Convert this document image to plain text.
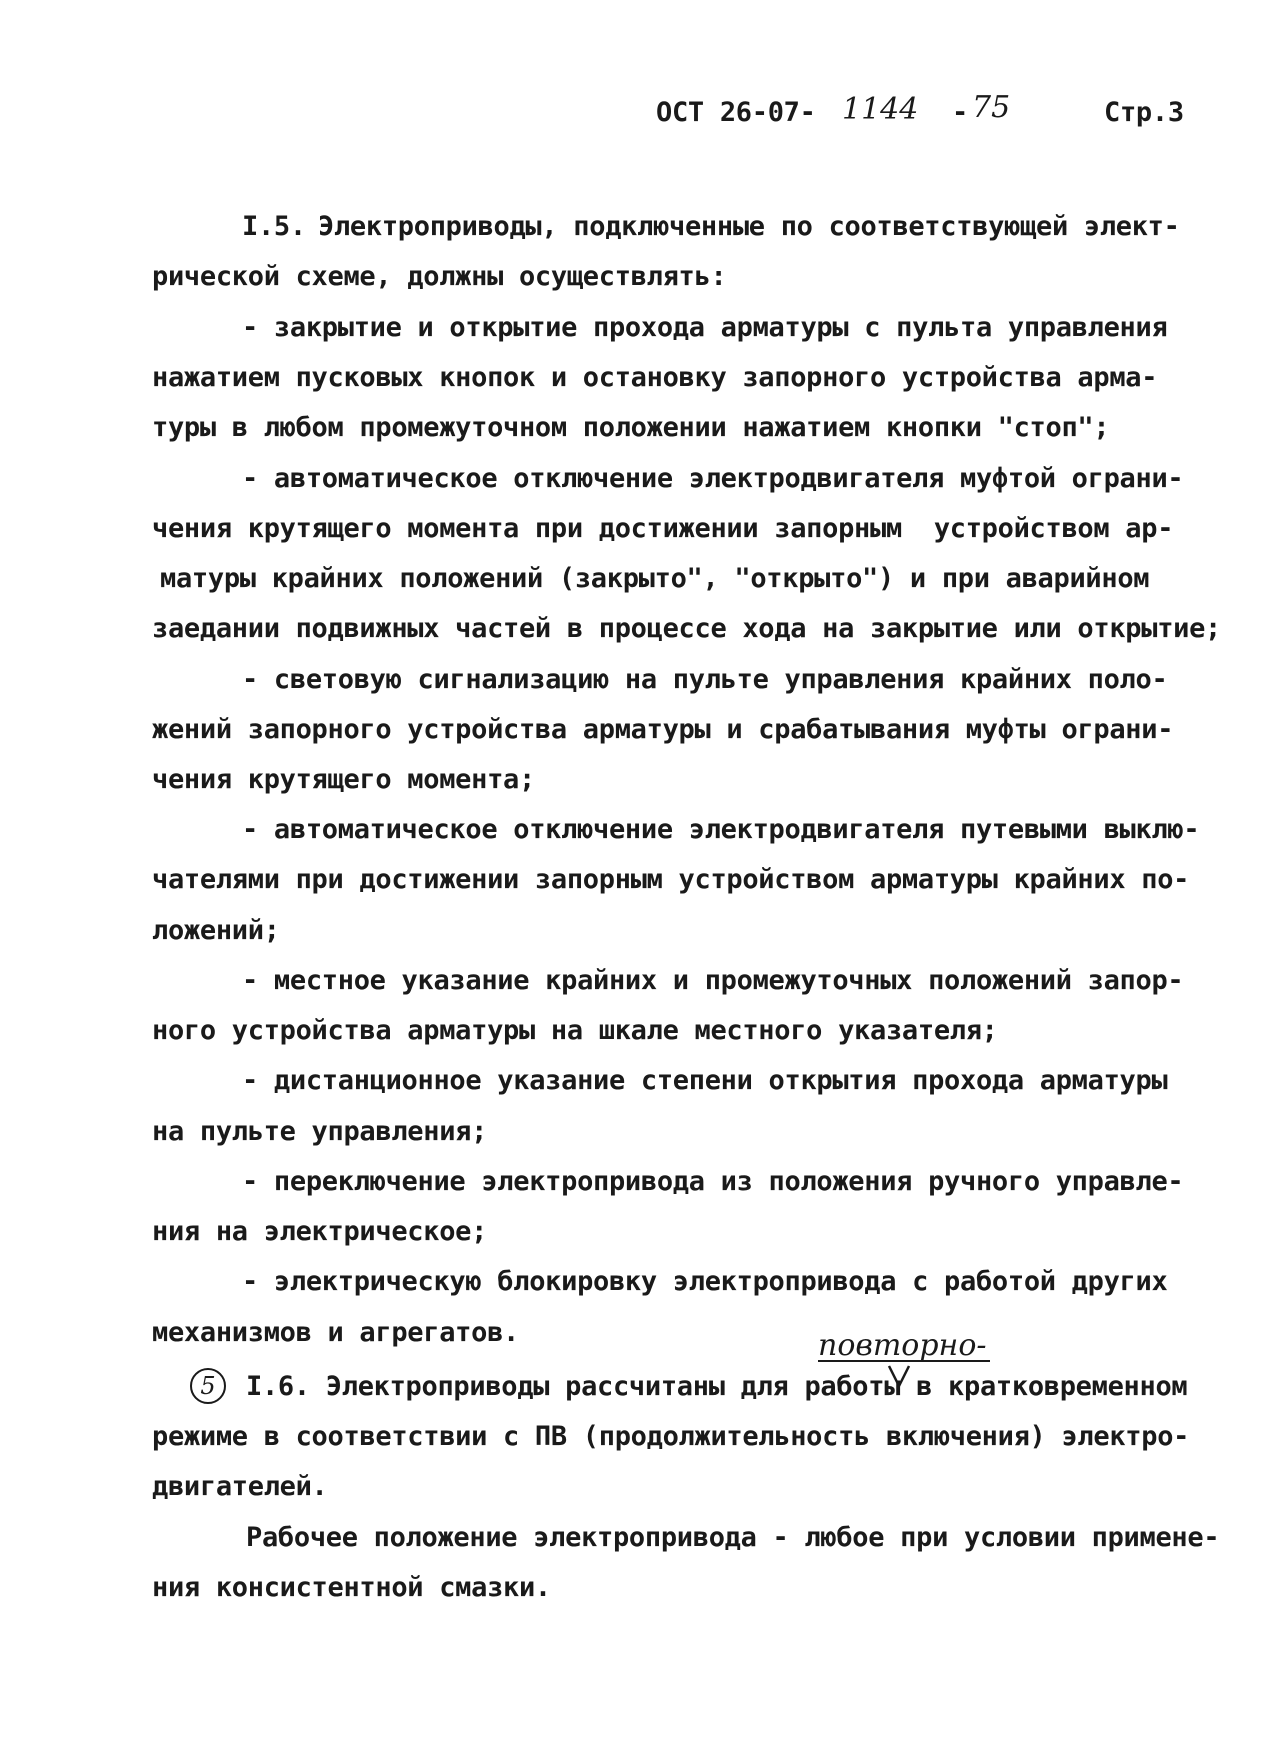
ОСТ 26-07- 1144 - 75	Стр.3
I.5. Электроприводы, подключенные по соответствующей элект-
рической схеме, должны осуществлять:
- закрытие и открытие прохода арматуры с пульта управления
нажатием пусковых кнопок и остановку запорного устройства арма-
туры в любом промежуточном положении нажатием кнопки "стоп";
- автоматическое отключение электродвигателя муфтой ограни-
чения крутящего момента при достижении запорным  устройством ар-
матуры крайних положений (закрыто", "открыто") и при аварийном
заедании подвижных частей в процессе хода на закрытие или открытие;
- световую сигнализацию на пульте управления крайних поло-
жений запорного устройства арматуры и срабатывания муфты ограни-
чения крутящего момента;
- автоматическое отключение электродвигателя путевыми выклю-
чателями при достижении запорным устройством арматуры крайних по-
ложений;
- местное указание крайних и промежуточных положений запор-
ного устройства арматуры на шкале местного указателя;
- дистанционное указание степени открытия прохода арматуры
на пульте управления;
- переключение электропривода из положения ручного управле-
ния на электрическое;
- электрическую блокировку электропривода с работой других
механизмов и агрегатов.	повторно-
5	I.6. Электроприводы рассчитаны для работы в кратковременном
режиме в соответствии с ПВ (продолжительность включения) электро-
двигателей.
Рабочее положение электропривода - любое при условии примене-
ния консистентной смазки.
